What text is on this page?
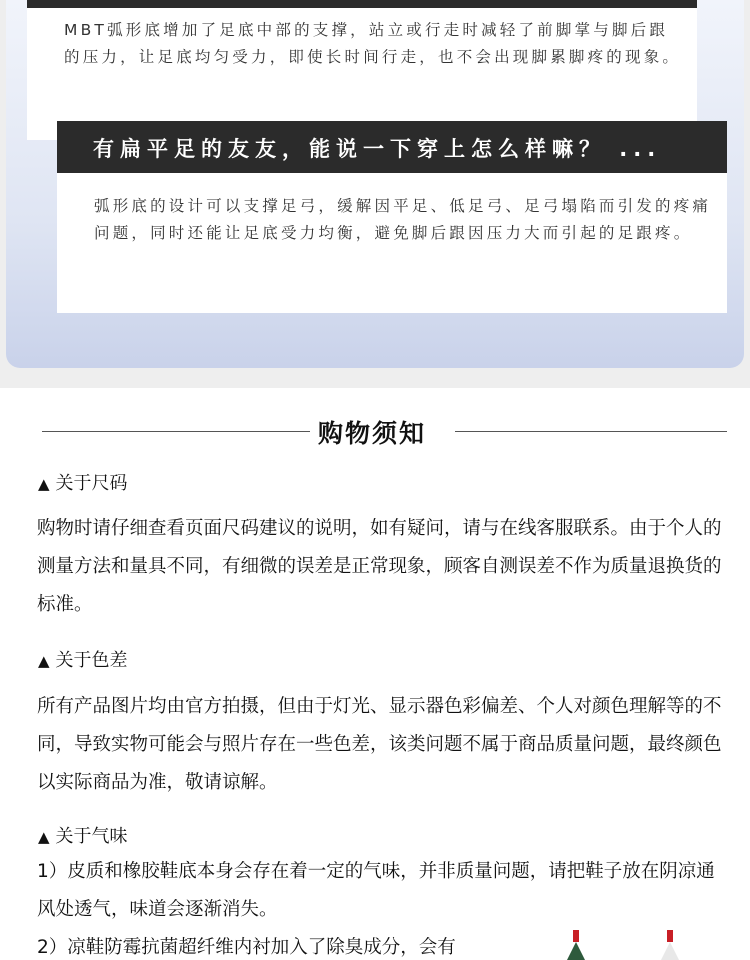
MBT弧形底增加了足底中部的支撑，站立或行走时减轻了前脚掌与脚后跟的压力，让足底均匀受力，即使长时间行走，也不会出现脚累脚疼的现象。

有扁平足的友友，能说一下穿上怎么样嘛？ ...

弧形底的设计可以支撑足弓，缓解因平足、低足弓、足弓塌陷而引发的疼痛问题，同时还能让足底受力均衡，避免脚后跟因压力大而引起的足跟疼。

购物须知
▲ 关于尺码

购物时请仔细查看页面尺码建议的说明，如有疑问，请与在线客服联系。由于个人的测量方法和量具不同，有细微的误差是正常现象，顾客自测误差不作为质量退换货的标准。

▲ 关于色差

所有产品图片均由官方拍摄，但由于灯光、显示器色彩偏差、个人对颜色理解等的不同，导致实物可能会与照片存在一些色差，该类问题不属于商品质量问题，最终颜色以实际商品为准，敬请谅解。

▲ 关于气味

1）皮质和橡胶鞋底本身会存在着一定的气味，并非质量问题，请把鞋子放在阴凉通风处透气，味道会逐渐消失。
2）凉鞋防霉抗菌超纤维内衬加入了除臭成分，会有
